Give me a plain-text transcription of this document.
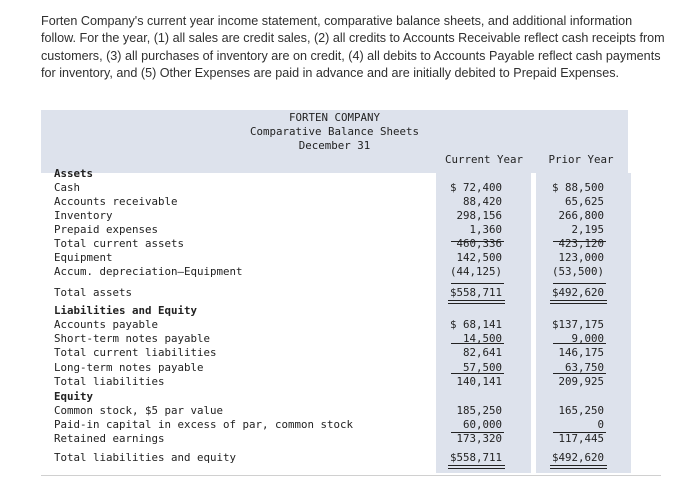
Forten Company's current year income statement, comparative balance sheets, and additional information follow. For the year, (1) all sales are credit sales, (2) all credits to Accounts Receivable reflect cash receipts from customers, (3) all purchases of inventory are on credit, (4) all debits to Accounts Payable reflect cash payments for inventory, and (5) Other Expenses are paid in advance and are initially debited to Prepaid Expenses.

FORTEN COMPANY
Comparative Balance Sheets
December 31
Current Year	Prior Year
Assets
Cash	$ 72,400	$ 88,500
Accounts receivable	88,420	65,625
Inventory	298,156	266,800
Prepaid expenses	1,360	2,195
Total current assets	460,336	423,120
Equipment	142,500	123,000
Accum. depreciation—Equipment	(44,125)	(53,500)
Total assets	$558,711	$492,620
Liabilities and Equity
Accounts payable	$ 68,141	$137,175
Short-term notes payable	14,500	9,000
Total current liabilities	82,641	146,175
Long-term notes payable	57,500	63,750
Total liabilities	140,141	209,925
Equity
Common stock, $5 par value	185,250	165,250
Paid-in capital in excess of par, common stock	60,000	0
Retained earnings	173,320	117,445
Total liabilities and equity	$558,711	$492,620
